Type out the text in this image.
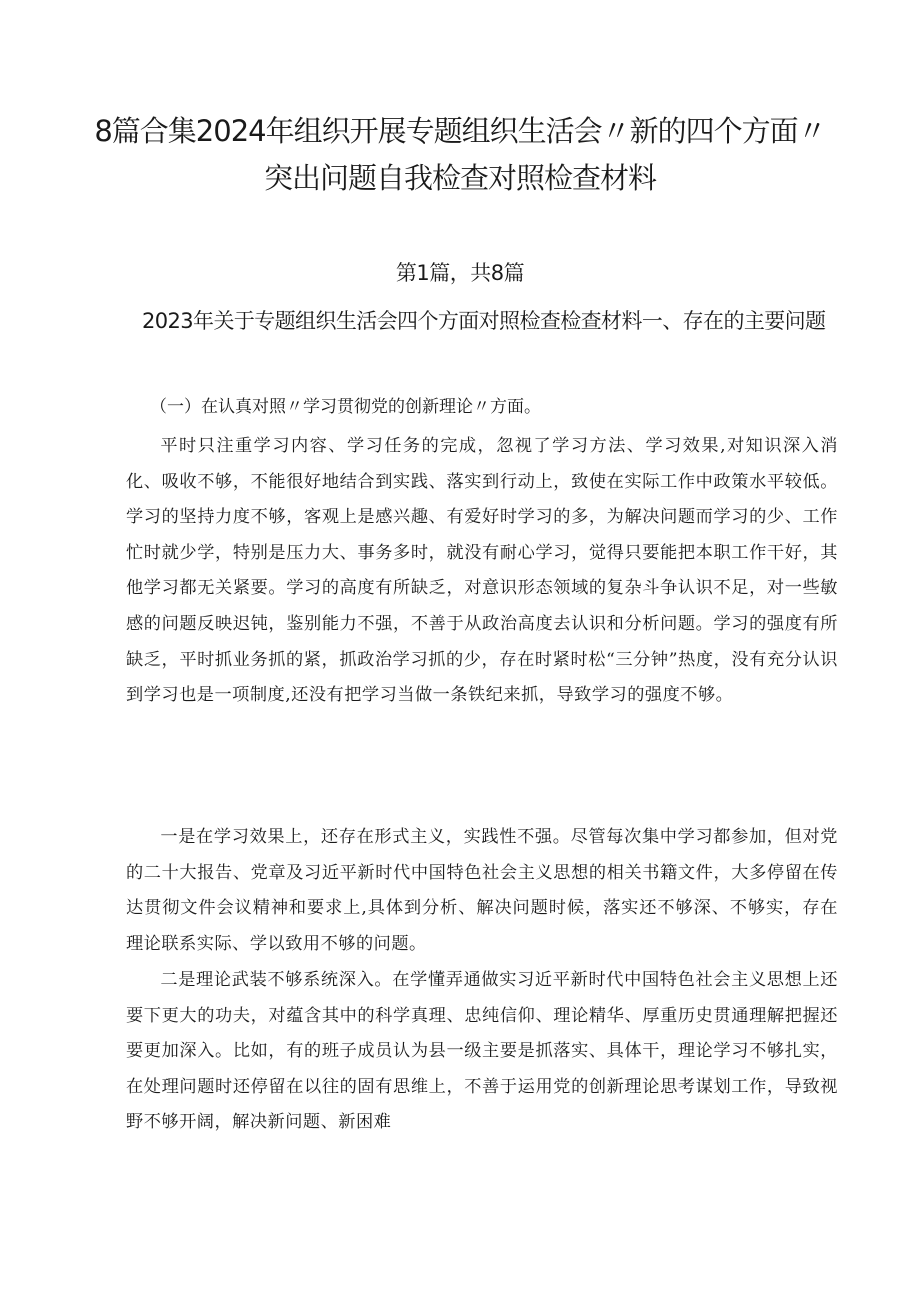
8篇合集2024年组织开展专题组织生活会〃新的四个方面〃突出问题自我检查对照检查材料
第1篇，共8篇
2023年关于专题组织生活会四个方面对照检查检查材料一、存在的主要问题
（一）在认真对照〃学习贯彻党的创新理论〃方面。

平时只注重学习内容、学习任务的完成，忽视了学习方法、学习效果,对知识深入消化、吸收不够，不能很好地结合到实践、落实到行动上，致使在实际工作中政策水平较低。学习的坚持力度不够，客观上是感兴趣、有爱好时学习的多，为解决问题而学习的少、工作忙时就少学，特别是压力大、事务多时，就没有耐心学习，觉得只要能把本职工作干好，其他学习都无关紧要。学习的高度有所缺乏，对意识形态领域的复杂斗争认识不足，对一些敏感的问题反映迟钝，鉴别能力不强，不善于从政治高度去认识和分析问题。学习的强度有所缺乏，平时抓业务抓的紧，抓政治学习抓的少，存在时紧时松“三分钟”热度，没有充分认识到学习也是一项制度,还没有把学习当做一条铁纪来抓，导致学习的强度不够。

一是在学习效果上，还存在形式主义，实践性不强。尽管每次集中学习都参加，但对党的二十大报告、党章及习近平新时代中国特色社会主义思想的相关书籍文件，大多停留在传达贯彻文件会议精神和要求上,具体到分析、解决问题时候，落实还不够深、不够实，存在理论联系实际、学以致用不够的问题。

二是理论武装不够系统深入。在学懂弄通做实习近平新时代中国特色社会主义思想上还要下更大的功夫，对蕴含其中的科学真理、忠纯信仰、理论精华、厚重历史贯通理解把握还要更加深入。比如，有的班子成员认为县一级主要是抓落实、具体干，理论学习不够扎实，在处理问题时还停留在以往的固有思维上，不善于运用党的创新理论思考谋划工作，导致视野不够开阔，解决新问题、新困难
